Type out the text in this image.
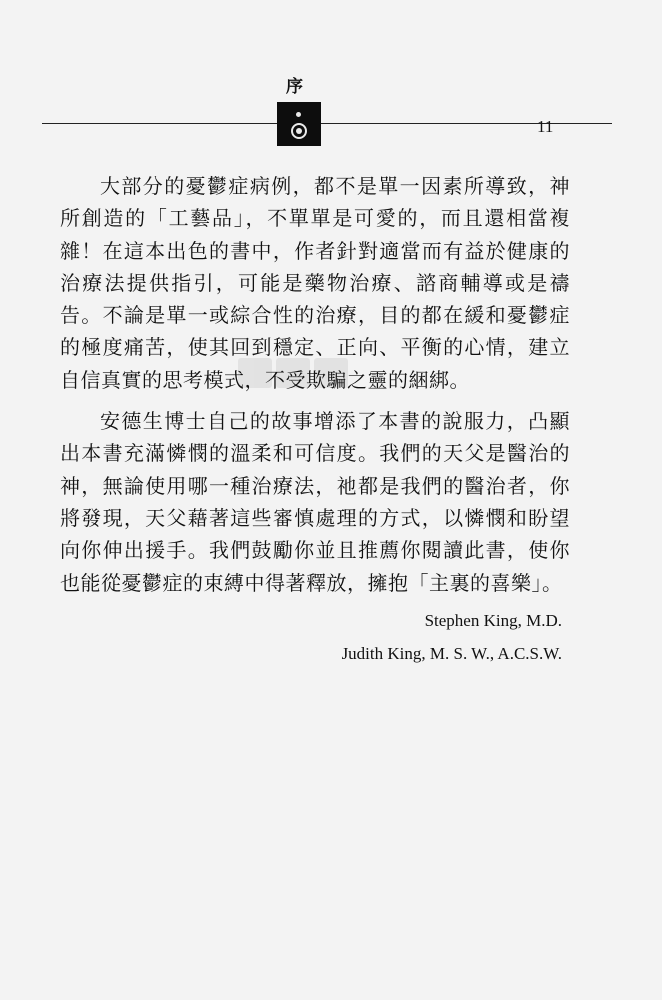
序
11

大部分的憂鬱症病例，都不是單一因素所導致，神所創造的「工藝品」，不單單是可愛的，而且還相當複雜！在這本出色的書中，作者針對適當而有益於健康的治療法提供指引，可能是藥物治療、諮商輔導或是禱告。不論是單一或綜合性的治療，目的都在緩和憂鬱症的極度痛苦，使其回到穩定、正向、平衡的心情，建立自信真實的思考模式，不受欺騙之靈的綑綁。

安德生博士自己的故事增添了本書的說服力，凸顯出本書充滿憐憫的溫柔和可信度。我們的天父是醫治的神，無論使用哪一種治療法，祂都是我們的醫治者，你將發現，天父藉著這些審慎處理的方式，以憐憫和盼望向你伸出援手。我們鼓勵你並且推薦你閱讀此書，使你也能從憂鬱症的束縛中得著釋放，擁抱「主裏的喜樂」。

Stephen King, M.D.
Judith King, M. S. W., A.C.S.W.
